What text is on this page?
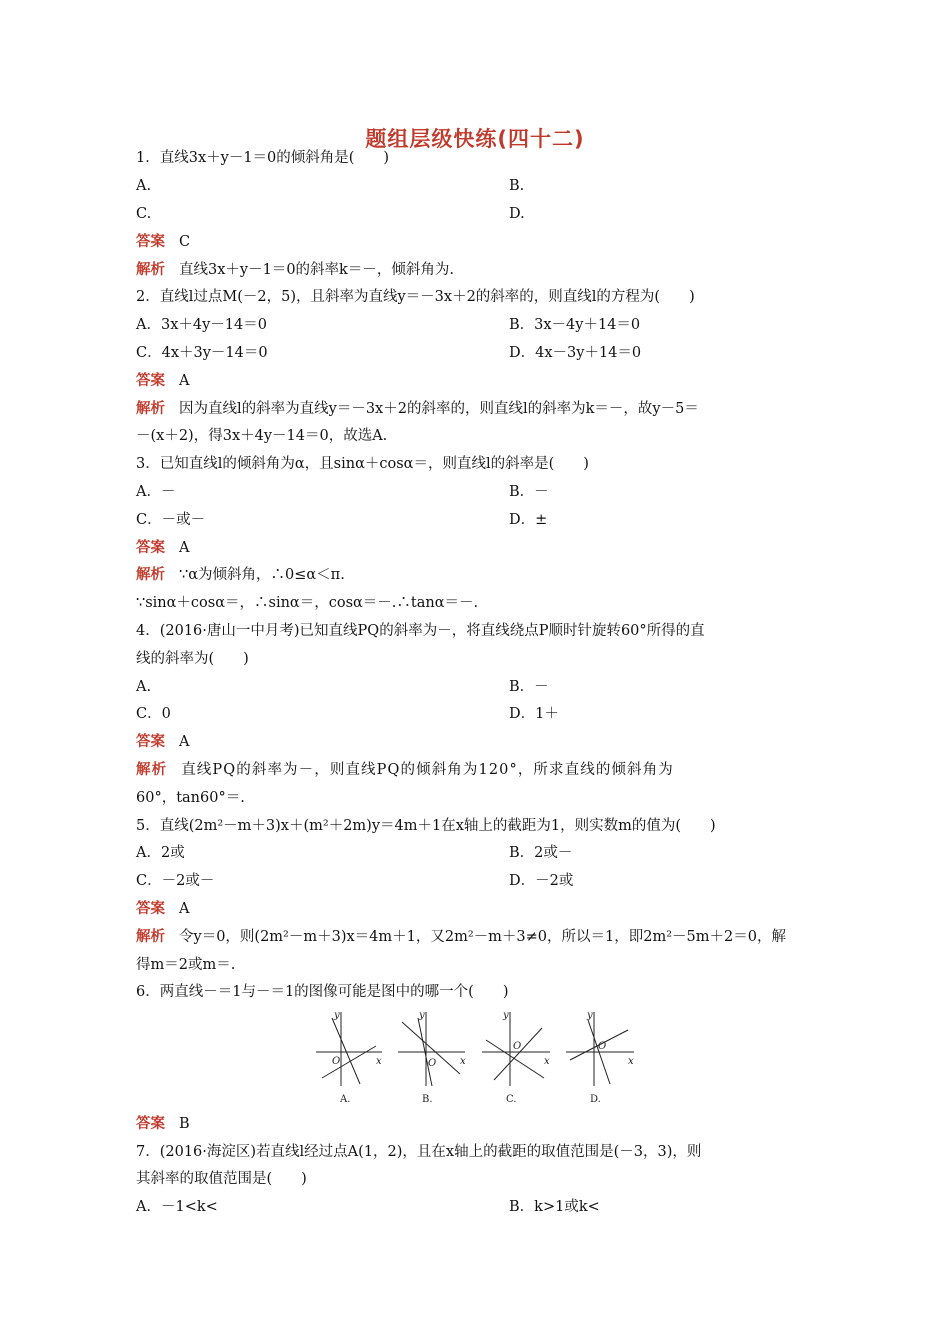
题组层级快练(四十二)
1．直线3x＋y－1＝0的倾斜角是(　　)
A.	B.
C.	D.
答案 C
解析 直线3x＋y－1＝0的斜率k＝－，倾斜角为.
2．直线l过点M(－2，5)，且斜率为直线y＝－3x＋2的斜率的，则直线l的方程为(　　)
A．3x＋4y－14＝0	B．3x－4y＋14＝0
C．4x＋3y－14＝0	D．4x－3y＋14＝0
答案 A
解析 因为直线l的斜率为直线y＝－3x＋2的斜率的，则直线l的斜率为k＝－，故y－5＝
－(x＋2)，得3x＋4y－14＝0，故选A.
3．已知直线l的倾斜角为α，且sinα＋cosα＝，则直线l的斜率是(　　)
A．－	B．－
C．－或－	D．±
答案 A
解析 ∵α为倾斜角，∴0≤α＜π.
∵sinα＋cosα＝，∴sinα＝，cosα＝－.∴tanα＝－.
4．(2016·唐山一中月考)已知直线PQ的斜率为－，将直线绕点P顺时针旋转60°所得的直
线的斜率为(　　)
A.	B．－
C．0	D．1＋
答案 A
解析 直线PQ的斜率为－，则直线PQ的倾斜角为120°，所求直线的倾斜角为
60°，tan60°＝.
5．直线(2m²－m＋3)x＋(m²＋2m)y＝4m＋1在x轴上的截距为1，则实数m的值为(　　)
A．2或	B．2或－
C．－2或－	D．－2或
答案 A
解析 令y＝0，则(2m²－m＋3)x＝4m＋1，又2m²－m＋3≠0，所以＝1，即2m²－5m＋2＝0，解
得m＝2或m＝.
6．两直线－＝1与－＝1的图像可能是图中的哪一个(　　)
y
x
O
y
x
O
y
x
O
y
x
O
A.	B.	C.	D.
答案 B
7．(2016·海淀区)若直线l经过点A(1，2)，且在x轴上的截距的取值范围是(－3，3)，则
其斜率的取值范围是(　　)
A．－1<k<	B．k>1或k<
